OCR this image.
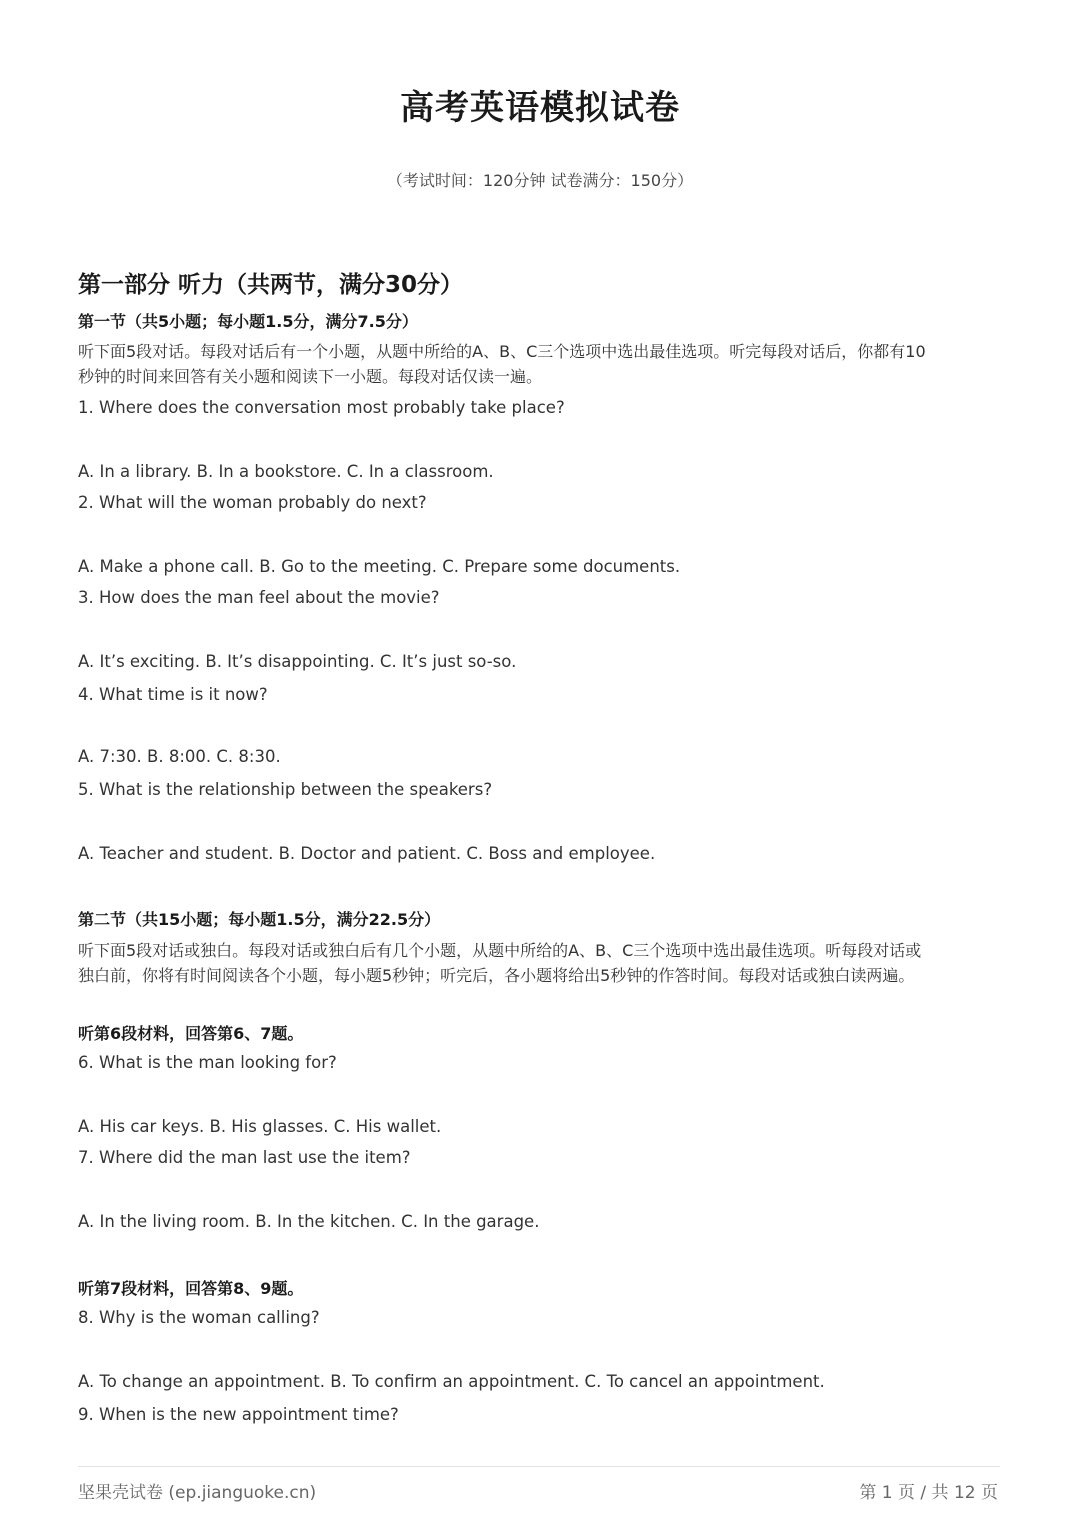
高考英语模拟试卷
（考试时间：120分钟 试卷满分：150分）
第一部分 听力（共两节，满分30分）
第一节（共5小题；每小题1.5分，满分7.5分）
听下面5段对话。每段对话后有一个小题，从题中所给的A、B、C三个选项中选出最佳选项。听完每段对话后，你都有10
秒钟的时间来回答有关小题和阅读下一小题。每段对话仅读一遍。
1. Where does the conversation most probably take place?
A. In a library. B. In a bookstore. C. In a classroom.
2. What will the woman probably do next?
A. Make a phone call. B. Go to the meeting. C. Prepare some documents.
3. How does the man feel about the movie?
A. It’s exciting. B. It’s disappointing. C. It’s just so-so.
4. What time is it now?
A. 7:30. B. 8:00. C. 8:30.
5. What is the relationship between the speakers?
A. Teacher and student. B. Doctor and patient. C. Boss and employee.
第二节（共15小题；每小题1.5分，满分22.5分）
听下面5段对话或独白。每段对话或独白后有几个小题，从题中所给的A、B、C三个选项中选出最佳选项。听每段对话或
独白前，你将有时间阅读各个小题，每小题5秒钟；听完后，各小题将给出5秒钟的作答时间。每段对话或独白读两遍。
听第6段材料，回答第6、7题。
6. What is the man looking for?
A. His car keys. B. His glasses. C. His wallet.
7. Where did the man last use the item?
A. In the living room. B. In the kitchen. C. In the garage.
听第7段材料，回答第8、9题。
8. Why is the woman calling?
A. To change an appointment. B. To confirm an appointment. C. To cancel an appointment.
9. When is the new appointment time?
坚果壳试卷 (ep.jianguoke.cn)	第 1 页 / 共 12 页
